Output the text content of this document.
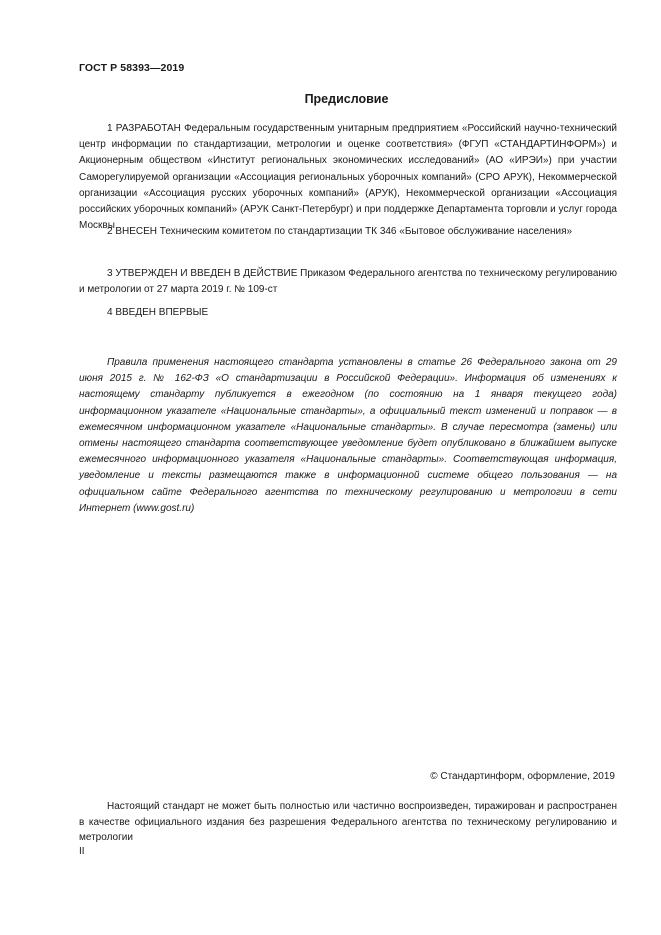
ГОСТ Р 58393—2019
Предисловие
1 РАЗРАБОТАН Федеральным государственным унитарным предприятием «Российский научно-технический центр информации по стандартизации, метрологии и оценке соответствия» (ФГУП «СТАНДАРТИНФОРМ») и Акционерным обществом «Институт региональных экономических исследований» (АО «ИРЭИ») при участии Саморегулируемой организации «Ассоциация региональных уборочных компаний» (СРО АРУК), Некоммерческой организации «Ассоциация русских уборочных компаний» (АРУК), Некоммерческой организации «Ассоциация российских уборочных компаний» (АРУК Санкт-Петербург) и при поддержке Департамента торговли и услуг города Москвы
2 ВНЕСЕН Техническим комитетом по стандартизации ТК 346 «Бытовое обслуживание населения»
3 УТВЕРЖДЕН И ВВЕДЕН В ДЕЙСТВИЕ Приказом Федерального агентства по техническому регулированию и метрологии от 27 марта 2019 г. № 109-ст
4 ВВЕДЕН ВПЕРВЫЕ
Правила применения настоящего стандарта установлены в статье 26 Федерального закона от 29 июня 2015 г. № 162-ФЗ «О стандартизации в Российской Федерации». Информация об изменениях к настоящему стандарту публикуется в ежегодном (по состоянию на 1 января текущего года) информационном указателе «Национальные стандарты», а официальный текст изменений и поправок — в ежемесячном информационном указателе «Национальные стандарты». В случае пересмотра (замены) или отмены настоящего стандарта соответствующее уведомление будет опубликовано в ближайшем выпуске ежемесячного информационного указателя «Национальные стандарты». Соответствующая информация, уведомление и тексты размещаются также в информационной системе общего пользования — на официальном сайте Федерального агентства по техническому регулированию и метрологии в сети Интернет (www.gost.ru)
© Стандартинформ, оформление, 2019
Настоящий стандарт не может быть полностью или частично воспроизведен, тиражирован и распространен в качестве официального издания без разрешения Федерального агентства по техническому регулированию и метрологии
II
